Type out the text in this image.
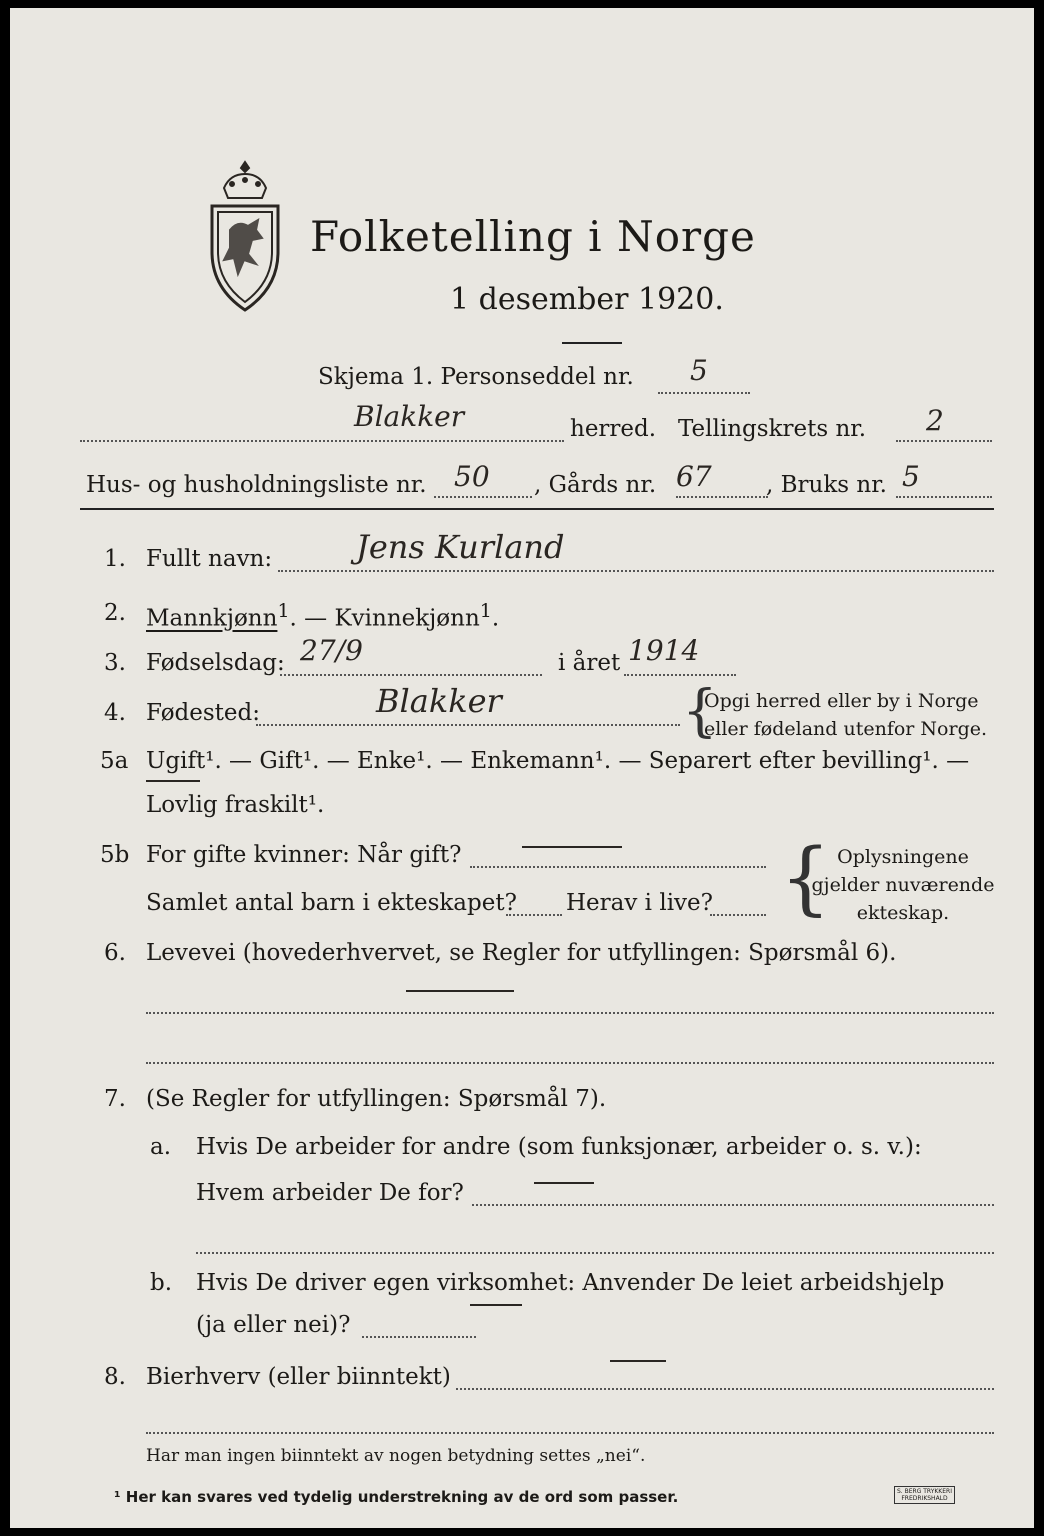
Folketelling i Norge
1 desember 1920.
Skjema 1. Personseddel nr. 5
Blakker	herred. Tellingskrets nr. 2
Hus- og husholdningsliste nr. 50 , Gårds nr. 67 , Bruks nr. 5
1. Fullt navn:	Jens Kurland
2. Mannkjønn$^1$. — Kvinnekjønn$^1$.
3. Fødselsdag: 27/9	i året 1914
4. Fødested:	Blakker	{
Opgi herred eller by i Norge
eller fødeland utenfor Norge.
5a Ugift¹. — Gift¹. — Enke¹. — Enkemann¹. — Separert efter bevilling¹. —
Lovlig fraskilt¹.
5b For gifte kvinner: Når gift?
Samlet antal barn i ekteskapet? Herav i live? { Oplysningene
gjelder nuværende
ekteskap.
6. Levevei (hovederhvervet, se Regler for utfyllingen: Spørsmål 6).
7. (Se Regler for utfyllingen: Spørsmål 7).
a. Hvis De arbeider for andre (som funksjonær, arbeider o. s. v.):
Hvem arbeider De for?
b. Hvis De driver egen virksomhet: Anvender De leiet arbeidshjelp
(ja eller nei)?
8. Bierhverv (eller biinntekt)
Har man ingen biinntekt av nogen betydning settes „nei“.
¹ Her kan svares ved tydelig understrekning av de ord som passer.	S. BERG TRYKKERI
FREDRIKSHALD
